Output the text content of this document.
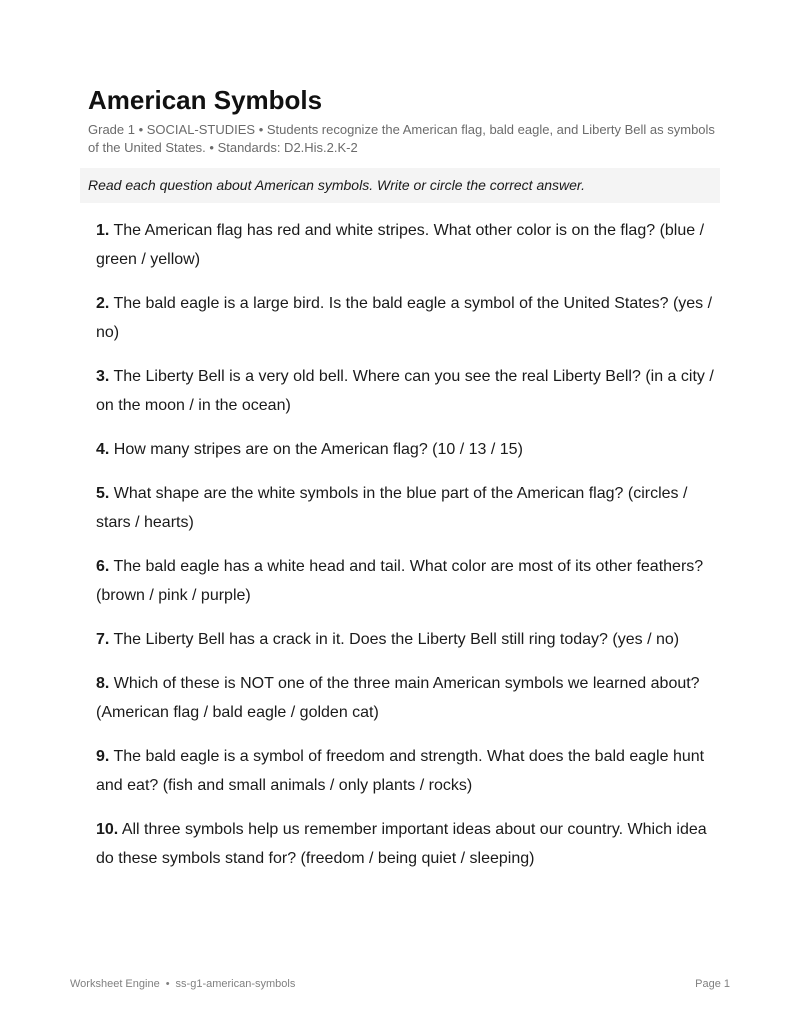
American Symbols
Grade 1 • SOCIAL-STUDIES • Students recognize the American flag, bald eagle, and Liberty Bell as symbols of the United States. • Standards: D2.His.2.K-2
Read each question about American symbols. Write or circle the correct answer.
1. The American flag has red and white stripes. What other color is on the flag? (blue / green / yellow)
2. The bald eagle is a large bird. Is the bald eagle a symbol of the United States? (yes / no)
3. The Liberty Bell is a very old bell. Where can you see the real Liberty Bell? (in a city / on the moon / in the ocean)
4. How many stripes are on the American flag? (10 / 13 / 15)
5. What shape are the white symbols in the blue part of the American flag? (circles / stars / hearts)
6. The bald eagle has a white head and tail. What color are most of its other feathers? (brown / pink / purple)
7. The Liberty Bell has a crack in it. Does the Liberty Bell still ring today? (yes / no)
8. Which of these is NOT one of the three main American symbols we learned about? (American flag / bald eagle / golden cat)
9. The bald eagle is a symbol of freedom and strength. What does the bald eagle hunt and eat? (fish and small animals / only plants / rocks)
10. All three symbols help us remember important ideas about our country. Which idea do these symbols stand for? (freedom / being quiet / sleeping)
Worksheet Engine • ss-g1-american-symbols	Page 1
